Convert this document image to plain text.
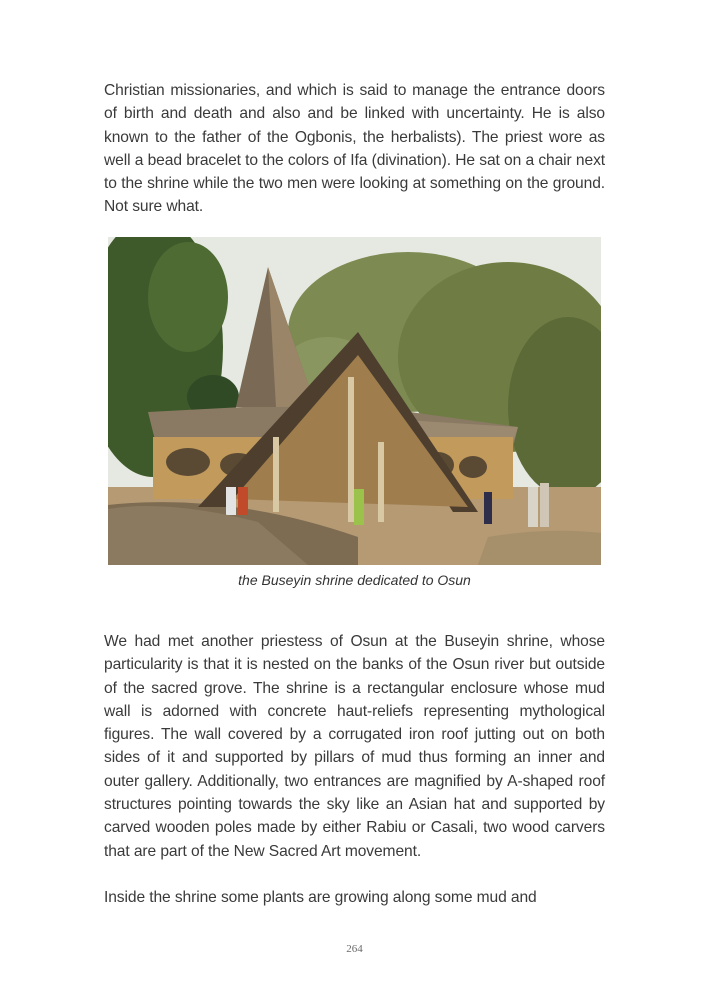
Christian missionaries, and which is said to manage the entrance doors of birth and death and also and be linked with uncertainty. He is also known to the father of the Ogbonis, the herbalists). The priest wore as well a bead bracelet to the colors of Ifa (divination). He sat on a chair next to the shrine while the two men were looking at something on the ground. Not sure what.

the Buseyin shrine dedicated to Osun

We had met another priestess of Osun at the Buseyin shrine, whose particularity is that it is nested on the banks of the Osun river but outside of the sacred grove. The shrine is a rectangular enclosure whose mud wall is adorned with concrete haut-reliefs representing mythological figures. The wall covered by a corrugated iron roof jutting out on both sides of it and supported by pillars of mud thus forming an inner and outer gallery. Additionally, two entrances are magnified by A-shaped roof structures pointing towards the sky like an Asian hat and supported by carved wooden poles made by either Rabiu or Casali, two wood carvers that are part of the New Sacred Art movement.

Inside the shrine some plants are growing along some mud and

264
